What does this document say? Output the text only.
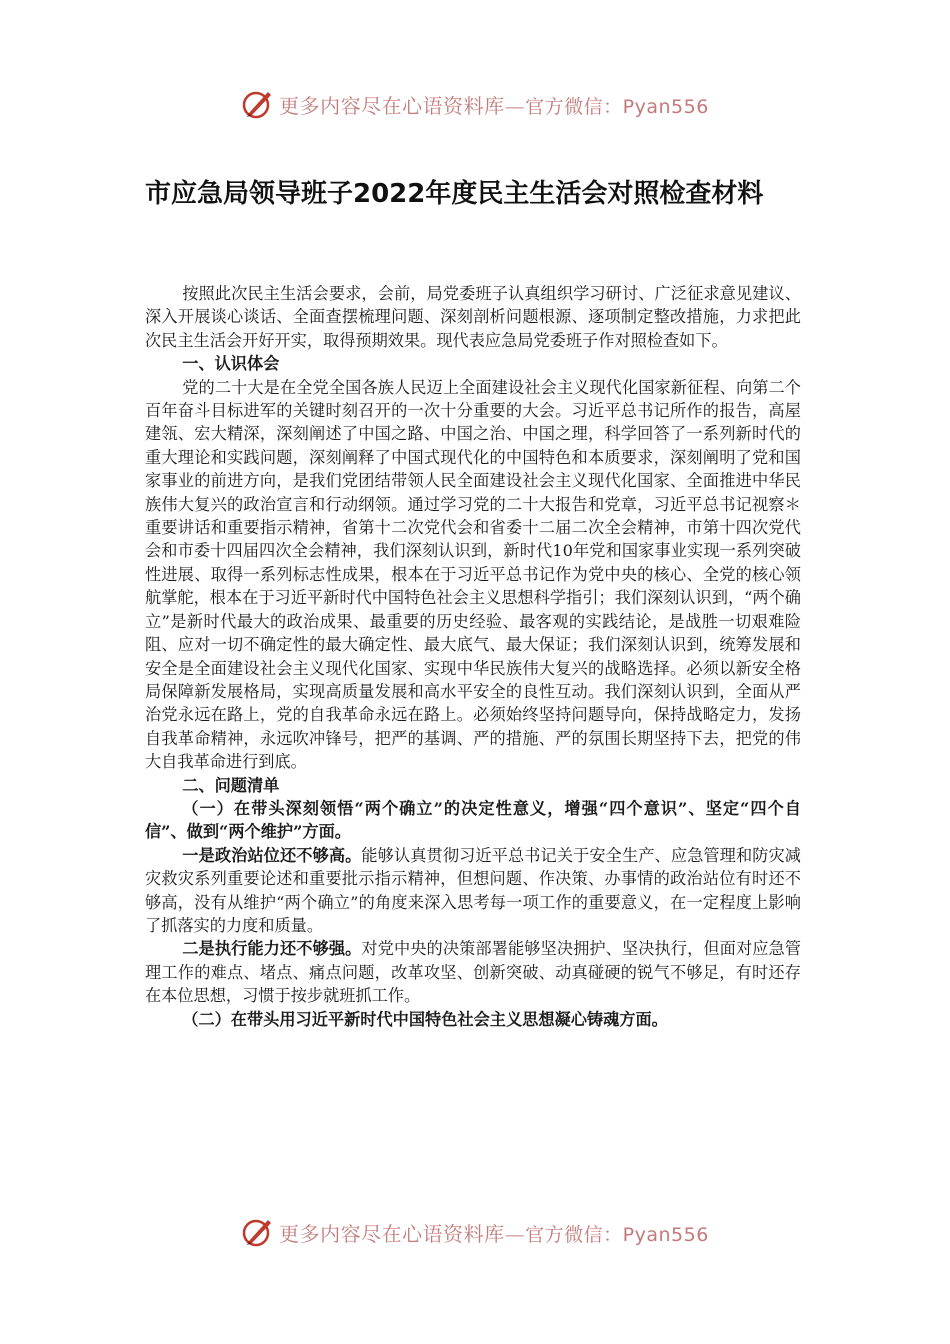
更多内容尽在心语资料库—官方微信：Pyan556
市应急局领导班子2022年度民主生活会对照检查材料

按照此次民主生活会要求，会前，局党委班子认真组织学习研讨、广泛征求意见建议、深入开展谈心谈话、全面查摆梳理问题、深刻剖析问题根源、逐项制定整改措施，力求把此次民主生活会开好开实，取得预期效果。现代表应急局党委班子作对照检查如下。

一、认识体会

党的二十大是在全党全国各族人民迈上全面建设社会主义现代化国家新征程、向第二个百年奋斗目标进军的关键时刻召开的一次十分重要的大会。习近平总书记所作的报告，高屋建瓴、宏大精深，深刻阐述了中国之路、中国之治、中国之理，科学回答了一系列新时代的重大理论和实践问题，深刻阐释了中国式现代化的中国特色和本质要求，深刻阐明了党和国家事业的前进方向，是我们党团结带领人民全面建设社会主义现代化国家、全面推进中华民族伟大复兴的政治宣言和行动纲领。通过学习党的二十大报告和党章，习近平总书记视察＊重要讲话和重要指示精神，省第十二次党代会和省委十二届二次全会精神，市第十四次党代会和市委十四届四次全会精神，我们深刻认识到，新时代10年党和国家事业实现一系列突破性进展、取得一系列标志性成果，根本在于习近平总书记作为党中央的核心、全党的核心领航掌舵，根本在于习近平新时代中国特色社会主义思想科学指引；我们深刻认识到，“两个确立”是新时代最大的政治成果、最重要的历史经验、最客观的实践结论，是战胜一切艰难险阻、应对一切不确定性的最大确定性、最大底气、最大保证；我们深刻认识到，统筹发展和安全是全面建设社会主义现代化国家、实现中华民族伟大复兴的战略选择。必须以新安全格局保障新发展格局，实现高质量发展和高水平安全的良性互动。我们深刻认识到，全面从严治党永远在路上，党的自我革命永远在路上。必须始终坚持问题导向，保持战略定力，发扬自我革命精神，永远吹冲锋号，把严的基调、严的措施、严的氛围长期坚持下去，把党的伟大自我革命进行到底。

二、问题清单

（一）在带头深刻领悟“两个确立”的决定性意义，增强“四个意识”、坚定“四个自信”、做到“两个维护”方面。

一是政治站位还不够高。能够认真贯彻习近平总书记关于安全生产、应急管理和防灾减灾救灾系列重要论述和重要批示指示精神，但想问题、作决策、办事情的政治站位有时还不够高，没有从维护“两个确立”的角度来深入思考每一项工作的重要意义，在一定程度上影响了抓落实的力度和质量。

二是执行能力还不够强。对党中央的决策部署能够坚决拥护、坚决执行，但面对应急管理工作的难点、堵点、痛点问题，改革攻坚、创新突破、动真碰硬的锐气不够足，有时还存在本位思想，习惯于按步就班抓工作。

（二）在带头用习近平新时代中国特色社会主义思想凝心铸魂方面。

更多内容尽在心语资料库—官方微信：Pyan556
